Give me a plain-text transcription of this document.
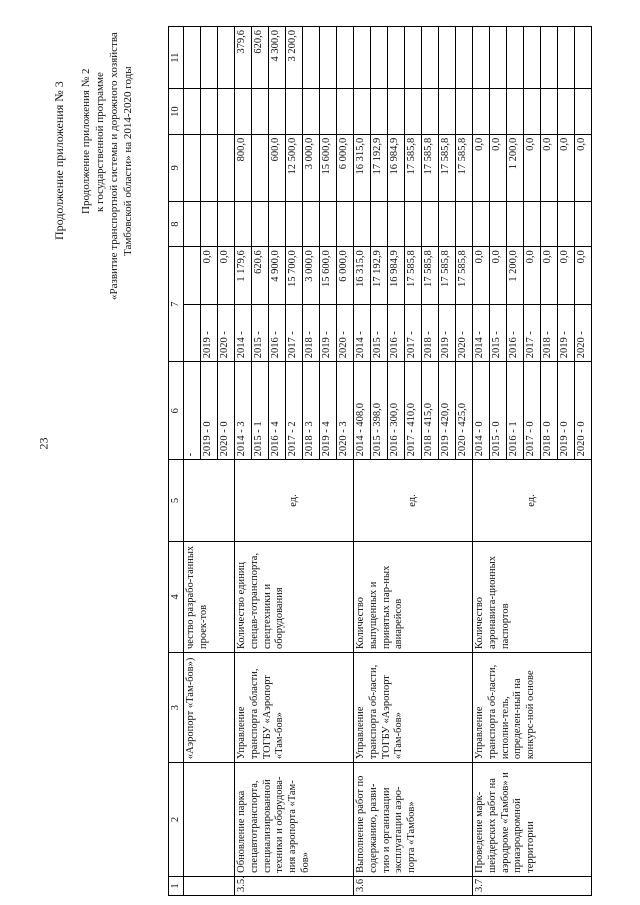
23
Продолжение приложения № 3 Продолжение приложения № 2 к государственной программе «Развитие транспортной системы и дорожного хозяйства Тамбовской области» на 2014-2020 годы
1	2	3	4	5	6	7		8	9	10	11
		«Аэропорт «Там-бов»)	чество разрабо-танных проек-тов		-						
					2019 - 0	2019 -	0,0				
					2020 - 0	2020 -	0,0				
3.5.	Обновление парка спецавтотранспорта, специализированной техники и оборудова-ния аэропорта «Там-бов»	Управление транспорта области, ТОГБУ «Аэропорт «Там-бов»	Количество единиц спецав-тотранспорта, спецтехники и оборудования	ед.	2014 - 3	2014 -	1 179,6		800,0		379,6
					2015 - 1	2015 -	620,6				620,6
					2016 - 4	2016 -	4 900,0		600,0		4 300,0
					2017 - 2	2017 -	15 700,0		12 500,0		3 200,0
					2018 - 3	2018 -	3 000,0		3 000,0		
					2019 - 4	2019 -	15 600,0		15 600,0		
					2020 - 3	2020 -	6 000,0		6 000,0		
3.6	Выполнение работ по содержанию, разви-тию и организации эксплуатации аэро-порта «Тамбов»	Управление транспорта об-ласти, ТОГБУ «Аэропорт «Там-бов»	Количество выпущенных и принятых пар-ных авиарейсов	ед.	2014 - 408,0	2014 -	16 315,0		16 315,0		
					2015 - 398,0	2015 -	17 192,9		17 192,9		
					2016 - 300,0	2016 -	16 984,9		16 984,9		
					2017 - 410,0	2017 -	17 585,8		17 585,8		
					2018 - 415,0	2018 -	17 585,8		17 585,8		
					2019 - 420,0	2019 -	17 585,8		17 585,8		
					2020 - 425,0	2020 -	17 585,8		17 585,8		
3.7	Проведение марк-шейдерских работ на аэродроме «Тамбов» и приаэродромной территории	Управление транспорта об-ласти, исполни-тель, определен-ный на конкурс-ной основе	Количество аэронавига-ционных паспортов	ед.	2014 - 0	2014 -	0,0		0,0		
					2015 - 0	2015 -	0,0		0,0		
					2016 - 1	2016 -	1 200,0		1 200,0		
					2017 - 0	2017 -	0,0		0,0		
					2018 - 0	2018 -	0,0		0,0		
					2019 - 0	2019 -	0,0		0,0		
					2020 - 0	2020 -	0,0		0,0		
